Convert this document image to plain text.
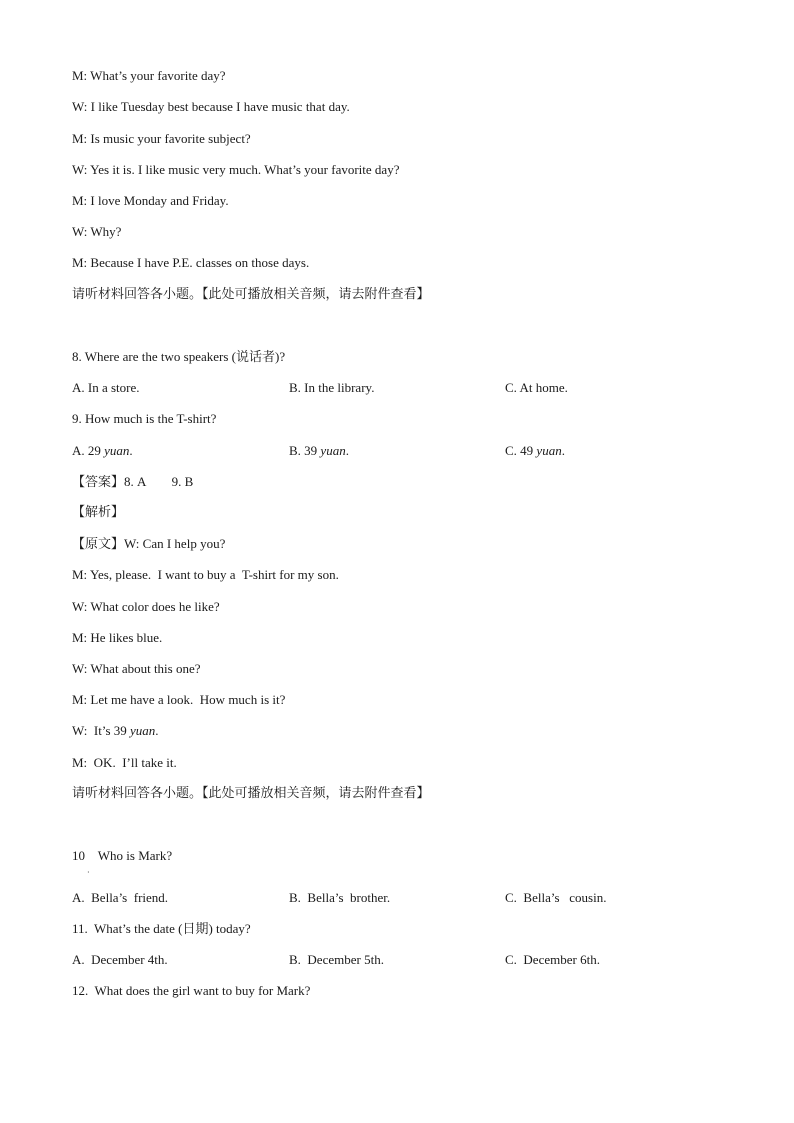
M: What’s your favorite day?
W: I like Tuesday best because I have music that day.
M: Is music your favorite subject?
W: Yes it is. I like music very much. What’s your favorite day?
M: I love Monday and Friday.
W: Why?
M: Because I have P.E. classes on those days.
请听材料回答各小题。【此处可播放相关音频，请去附件查看】
8. Where are the two speakers (说话者)?
A. In a store.	B. In the library.	C. At home.
9. How much is the T-shirt?
A. 29 yuan.	B. 39 yuan.	C. 49 yuan.
【答案】8. A        9. B
【解析】
【原文】W: Can I help you?
M: Yes, please.  I want to buy a  T-shirt for my son.
W: What color does he like?
M: He likes blue.
W: What about this one?
M: Let me have a look.  How much is it?
W:  It’s 39 yuan.
M:  OK.  I’ll take it.
请听材料回答各小题。【此处可播放相关音频，请去附件查看】
10    Who is Mark?
·
A.  Bella’s  friend.	B.  Bella’s  brother.	C.  Bella’s   cousin.
11.  What’s the date (日期) today?
A.  December 4th.	B.  December 5th.	C.  December 6th.
12.  What does the girl want to buy for Mark?
